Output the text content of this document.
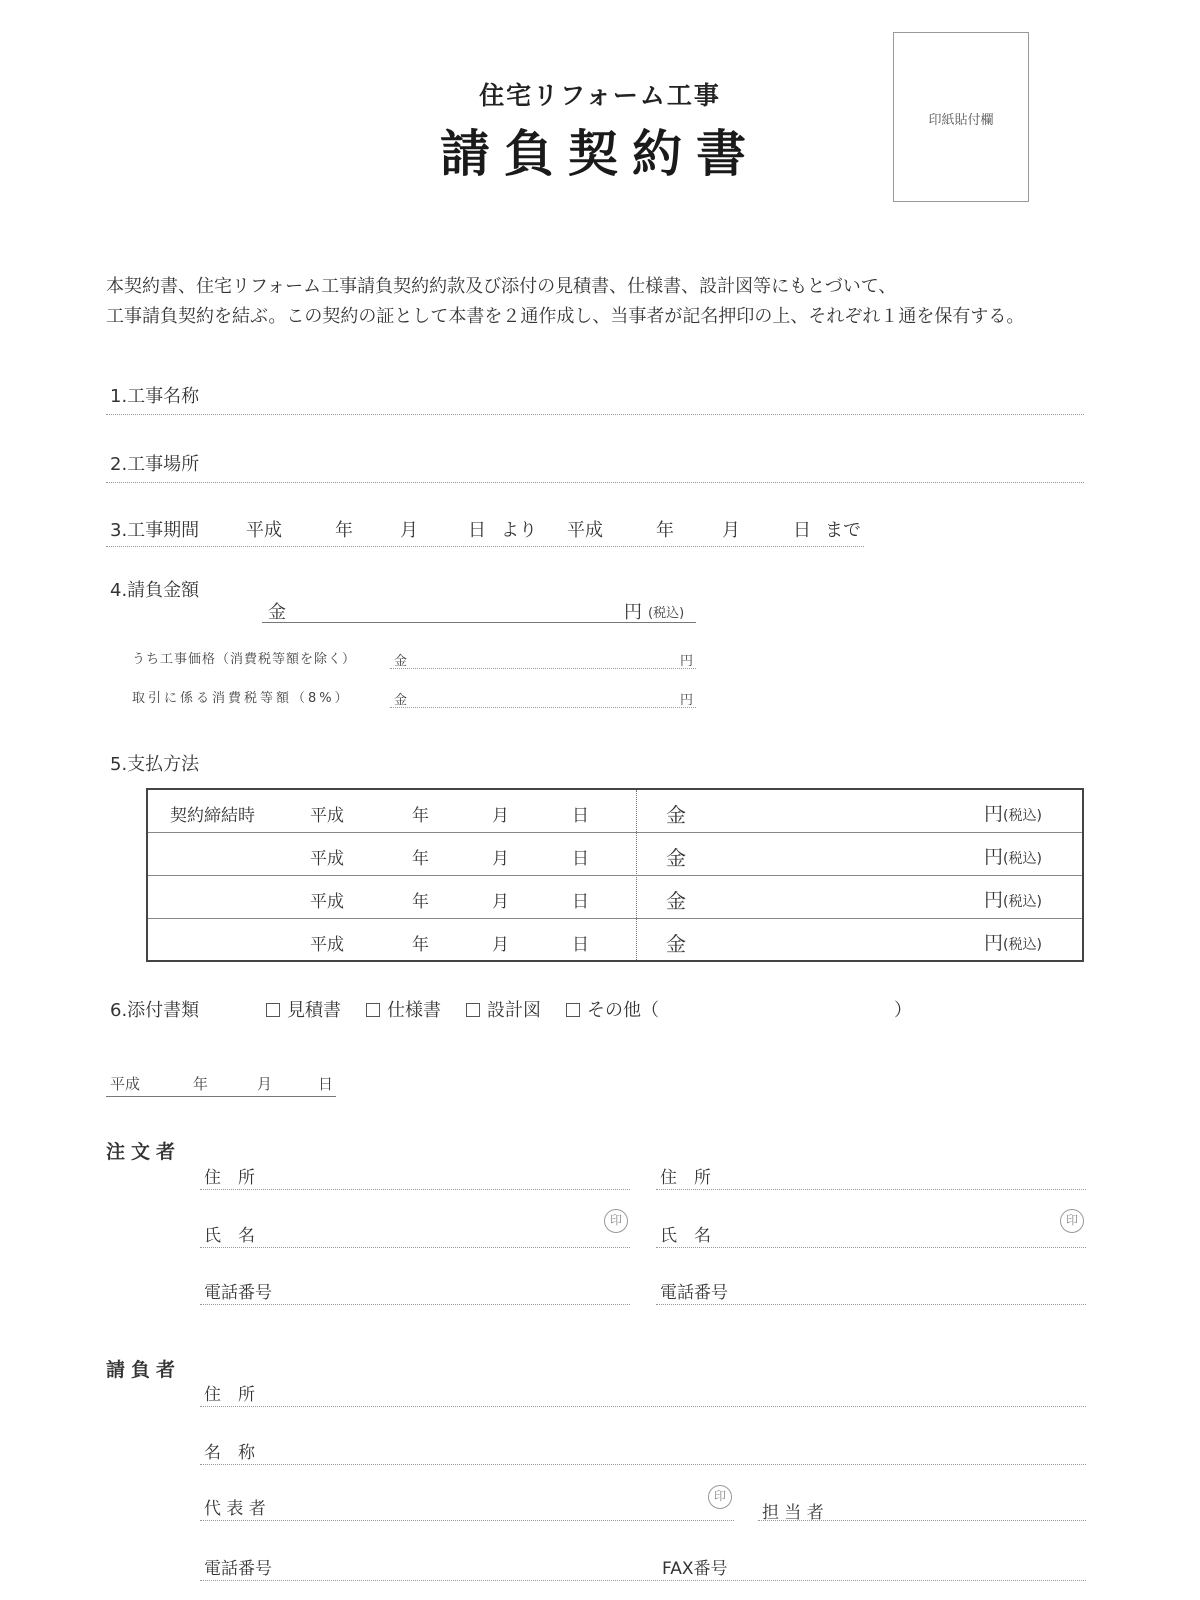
住宅リフォーム工事
請負契約書
印紙貼付欄
本契約書、住宅リフォーム工事請負契約約款及び添付の見積書、仕様書、設計図等にもとづいて、
工事請負契約を結ぶ。この契約の証として本書を２通作成し、当事者が記名押印の上、それぞれ１通を保有する。
1.工事名称
2.工事場所
3.工事期間	平成	年	月	日 より 平成	年	月	日 まで
4.請負金額
金	円 (税込)
うち工事価格（消費税等額を除く）	金	円
取引に係る消費税等額（8%）	金	円
5.支払方法
契約締結時	平成	年	月	日	金	円(税込)
平成	年	月	日	金	円(税込)
平成	年	月	日	金	円(税込)
平成	年	月	日	金	円(税込)
6.添付書類	見積書	仕様書	設計図	その他（	）
平成	年	月	日
注文者
住　所
氏　名
印
電話番号
住　所
氏　名
印
電話番号
請負者
住　所
名　称
代 表 者
印
担 当 者
電話番号	FAX番号
